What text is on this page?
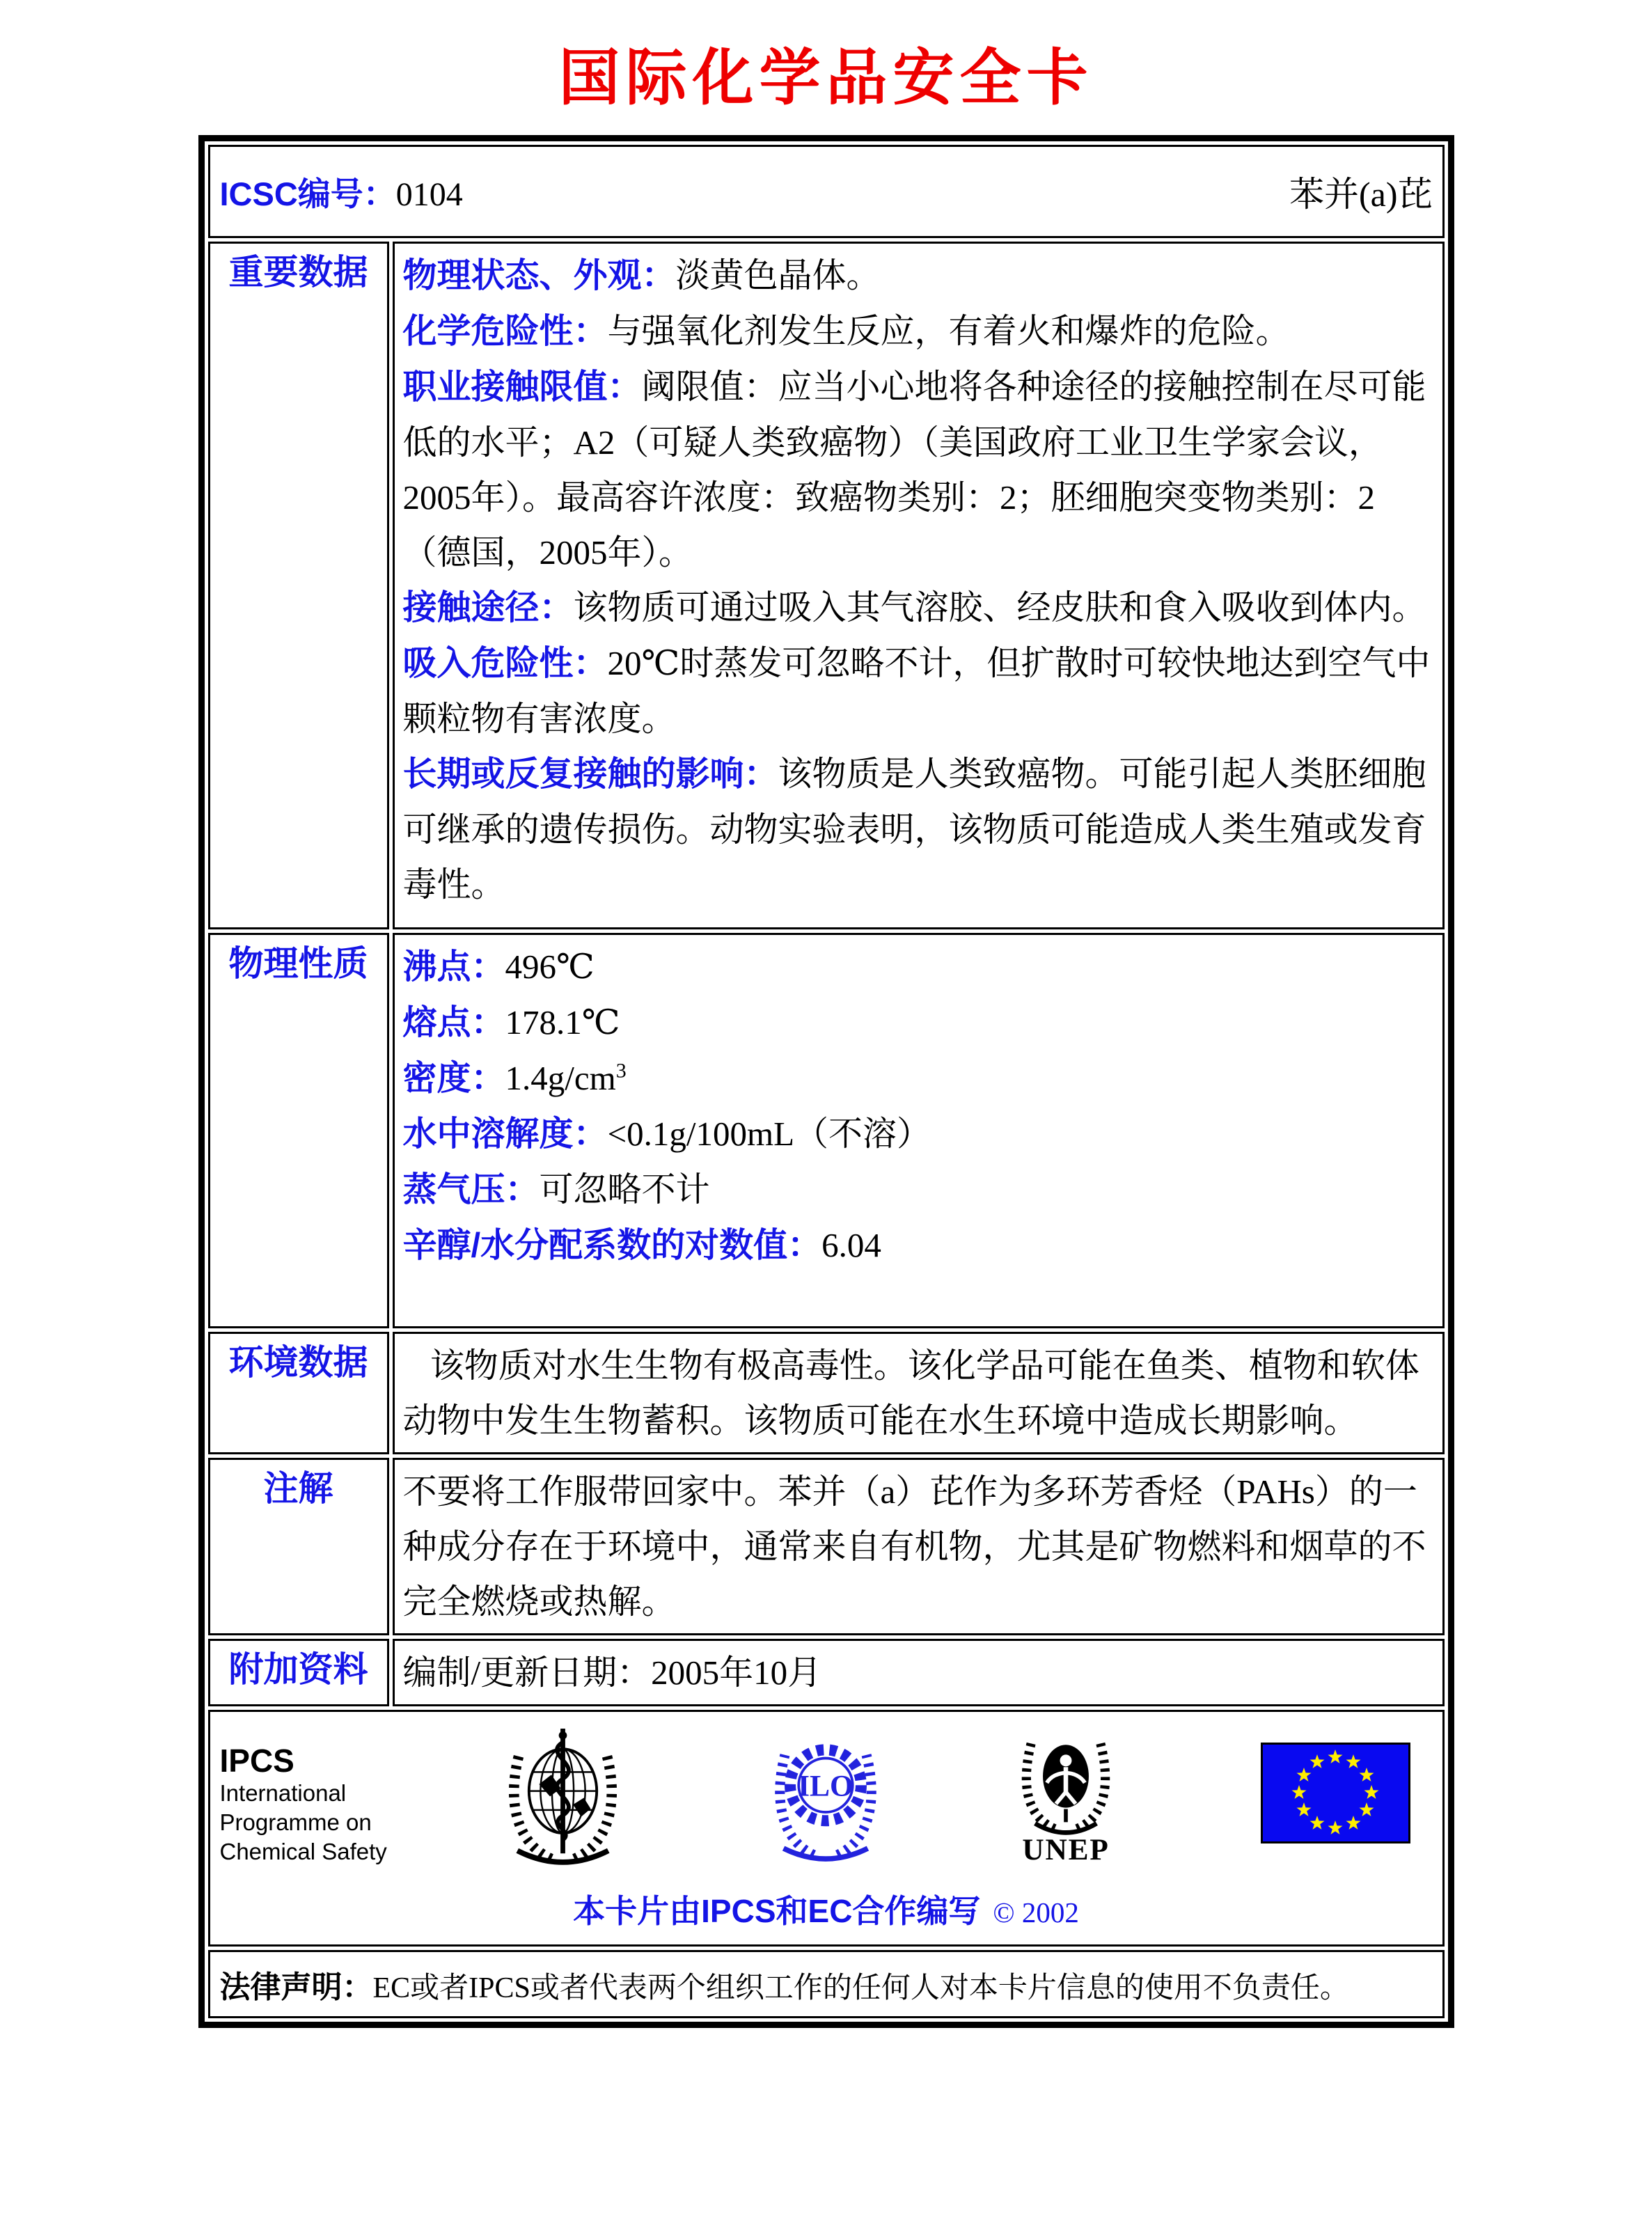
国际化学品安全卡
ICSC编号：0104 苯并(a)芘	

重要数据	物理状态、外观：淡黄色晶体。

化学危险性：与强氧化剂发生反应，有着火和爆炸的危险。

职业接触限值：阈限值：应当小心地将各种途径的接触控制在尽可能低的水平；A2（可疑人类致癌物）（美国政府工业卫生学家会议，2005年）。最高容许浓度：致癌物类别：2；胚细胞突变物类别：2（德国，2005年）。

接触途径：该物质可通过吸入其气溶胶、经皮肤和食入吸收到体内。

吸入危险性：20℃时蒸发可忽略不计，但扩散时可较快地达到空气中颗粒物有害浓度。

长期或反复接触的影响：该物质是人类致癌物。可能引起人类胚细胞可继承的遗传损伤。动物实验表明，该物质可能造成人类生殖或发育毒性。

物理性质	沸点：496℃

熔点：178.1℃

密度：$1.4g/cm^3$

水中溶解度：<0.1g/100mL（不溶）

蒸气压：可忽略不计

辛醇/水分配系数的对数值：6.04

环境数据	该物质对水生生物有极高毒性。该化学品可能在鱼类、植物和软体动物中发生生物蓄积。该物质可能在水生环境中造成长期影响。

注解	不要将工作服带回家中。苯并（a）芘作为多环芳香烃（PAHs）的一种成分存在于环境中，通常来自有机物，尤其是矿物燃料和烟草的不完全燃烧或热解。

附加资料	编制/更新日期：2005年10月

IPCS
International
Programme on
Chemical Safety
ILO
UNEP
本卡片由IPCS和EC合作编写 © 2002

法律声明：EC或者IPCS或者代表两个组织工作的任何人对本卡片信息的使用不负责任。	
